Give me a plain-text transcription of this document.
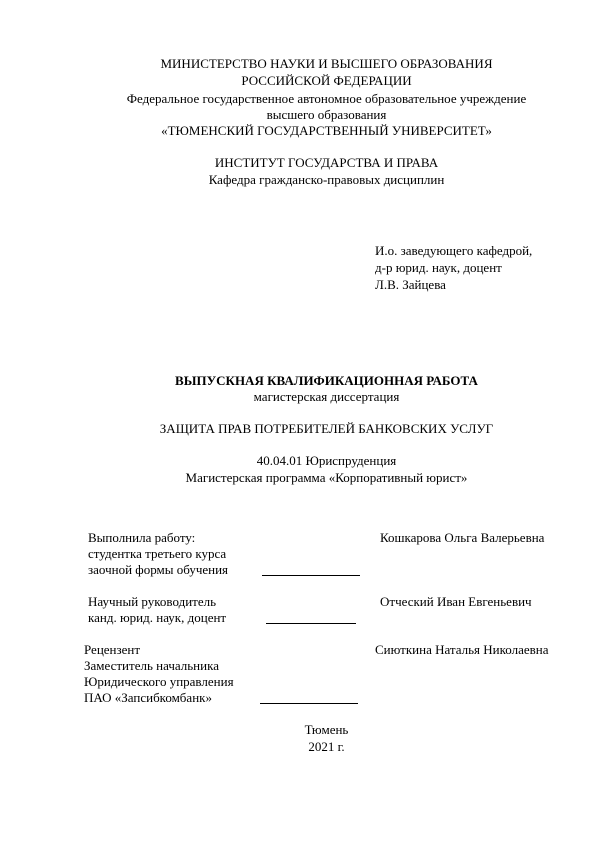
МИНИСТЕРСТВО НАУКИ И ВЫСШЕГО ОБРАЗОВАНИЯ
РОССИЙСКОЙ ФЕДЕРАЦИИ
Федеральное государственное автономное образовательное учреждение
высшего образования
«ТЮМЕНСКИЙ ГОСУДАРСТВЕННЫЙ УНИВЕРСИТЕТ»
ИНСТИТУТ ГОСУДАРСТВА И ПРАВА
Кафедра гражданско-правовых дисциплин
И.о. заведующего кафедрой,
д-р юрид. наук, доцент
Л.В. Зайцева
ВЫПУСКНАЯ КВАЛИФИКАЦИОННАЯ РАБОТА
магистерская диссертация
ЗАЩИТА ПРАВ ПОТРЕБИТЕЛЕЙ БАНКОВСКИХ УСЛУГ
40.04.01 Юриспруденция
Магистерская программа «Корпоративный юрист»
Выполнила работу:
студентка третьего курса
заочной формы обучения
Кошкарова Ольга Валерьевна
Научный руководитель
канд. юрид. наук, доцент
Отческий Иван Евгеньевич
Рецензент
Заместитель начальника
Юридического управления
ПАО «Запсибкомбанк»
Сиюткина Наталья Николаевна
Тюмень
2021 г.
